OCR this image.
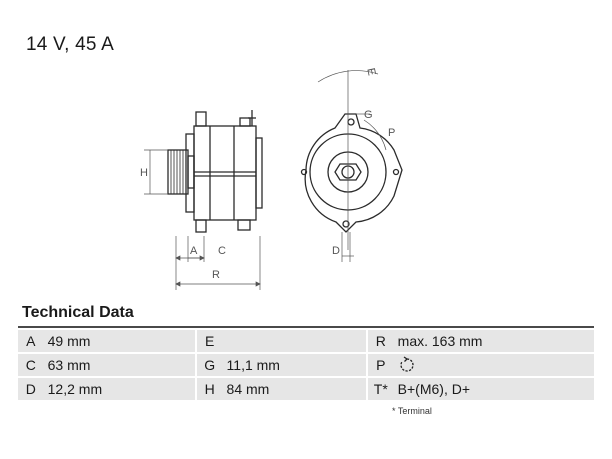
14 V, 45 A
H
A C
R
E
G
P
D
Technical Data
A	49 mm		E			R	max. 163 mm
C	63 mm		G	11,1 mm		P	
D	12,2 mm		H	84 mm		T*	B+(M6), D+
* Terminal
